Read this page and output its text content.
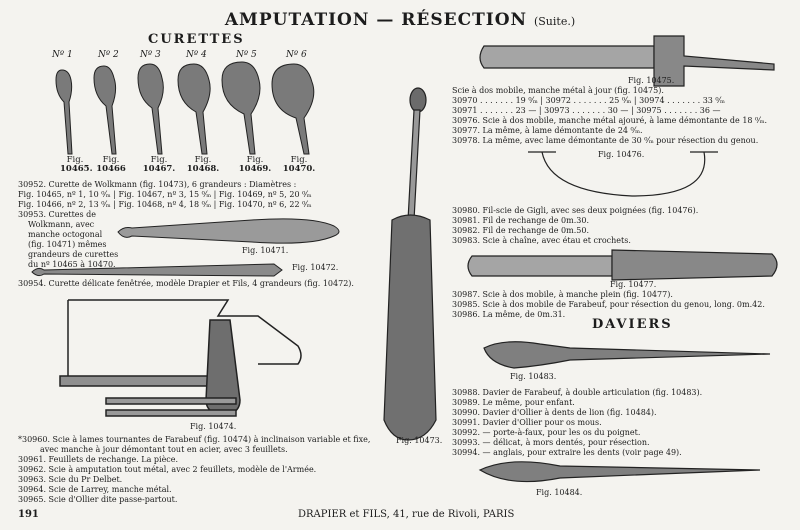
AMPUTATION — RÉSECTION (Suite.)
CURETTES
Nº 1	Nº 2 Nº 3	Nº 4	Nº 5	Nº 6
Fig.
10465.
Fig.
10466
Fig.
10467.
Fig.
10468.
Fig.
10469.
Fig.
10470.
30952. Curette de Wolkmann (fig. 10473), 6 grandeurs : Diamètres :
Fig. 10465, nº 1, 10 ⁰⁄ₘ | Fig. 10467, nº 3, 15 ⁰⁄ₘ | Fig. 10469, nº 5, 20 ⁰⁄ₘ
Fig. 10466, nº 2, 13 ⁰⁄ₘ | Fig. 10468, nº 4, 18 ⁰⁄ₘ | Fig. 10470, nº 6, 22 ⁰⁄ₘ
30953. Curettes de
Wolkmann, avec
manche octogonal
(fig. 10471) mêmes
grandeurs de curettes
du nº 10465 à 10470.
Fig. 10471.
Fig. 10472.
30954. Curette délicate fenêtrée, modèle Drapier et Fils, 4 grandeurs (fig. 10472).
Fig. 10474.
*30960. Scie à lames tournantes de Farabeuf (fig. 10474) à inclinaison variable et fixe,
avec manche à jour démontant tout en acier, avec 3 feuillets.
30961. Feuillets de rechange. La pièce.
30962. Scie à amputation tout métal, avec 2 feuillets, modèle de l'Armée.
30963. Scie du Pr Delbet.
30964. Scie de Larrey, manche métal.
30965. Scie d'Ollier dite passe-partout.
Fig. 10473.
Fig. 10475.
Scie à dos mobile, manche métal à jour (fig. 10475).
30970 . . . . . . . 19 ⁰⁄ₘ | 30972 . . . . . . . 25 ⁰⁄ₘ | 30974 . . . . . . . 33 ⁰⁄ₘ
30971 . . . . . . . 23 — | 30973 . . . . . . . 30 — | 30975 . . . . . . . 36 —
30976. Scie à dos mobile, manche métal ajouré, à lame démontante de 18 ⁰⁄ₘ.
30977. La même, à lame démontante de 24 ⁰⁄ₘ.
30978. La même, avec lame démontante de 30 ⁰⁄ₘ pour résection du genou.
Fig. 10476.
30980. Fil-scie de Gigli, avec ses deux poignées (fig. 10476).
30981. Fil de rechange de 0m.30.
30982. Fil de rechange de 0m.50.
30983. Scie à chaîne, avec étau et crochets.
Fig. 10477.
30987. Scie à dos mobile, à manche plein (fig. 10477).
30985. Scie à dos mobile de Farabeuf, pour résection du genou, long. 0m.42.
30986. La même, de 0m.31.
DAVIERS
Fig. 10483.
30988. Davier de Farabeuf, à double articulation (fig. 10483).
30989. Le même, pour enfant.
30990. Davier d'Ollier à dents de lion (fig. 10484).
30991. Davier d'Ollier pour os mous.
30992. — porte-à-faux, pour les os du poignet.
30993. — délicat, à mors dentés, pour résection.
30994. — anglais, pour extraire les dents (voir page 49).
Fig. 10484.
191	DRAPIER et FILS, 41, rue de Rivoli, PARIS
